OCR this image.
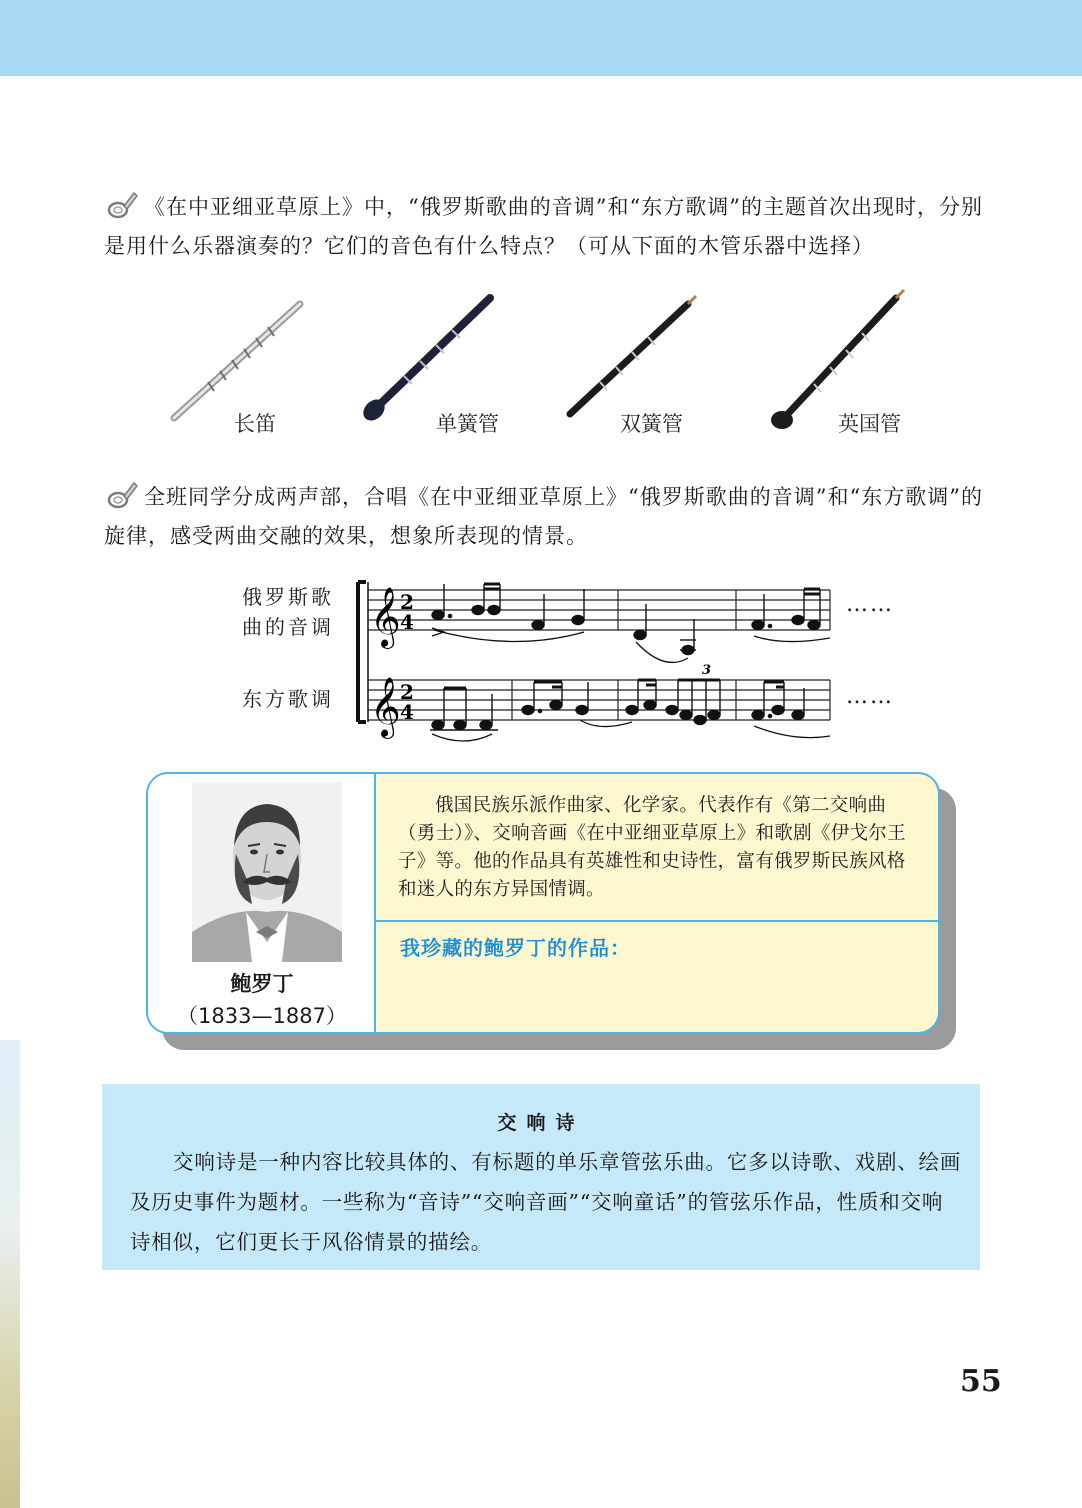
《在中亚细亚草原上》中，“俄罗斯歌曲的音调”和“东方歌调”的主题首次出现时，分别是用什么乐器演奏的？它们的音色有什么特点？（可从下面的木管乐器中选择）
长笛	单簧管	双簧管	英国管
全班同学分成两声部，合唱《在中亚细亚草原上》“俄罗斯歌曲的音调”和“东方歌调”的旋律，感受两曲交融的效果，想象所表现的情景。
俄罗斯歌
曲的音调
东方歌调
𝄞
𝄞
2
4
2
4
3
……
……
鲍罗丁
（1833—1887）
俄国民族乐派作曲家、化学家。代表作有《第二交响曲（勇士）》、交响音画《在中亚细亚草原上》和歌剧《伊戈尔王子》等。他的作品具有英雄性和史诗性，富有俄罗斯民族风格和迷人的东方异国情调。
我珍藏的鲍罗丁的作品：
交响诗
交响诗是一种内容比较具体的、有标题的单乐章管弦乐曲。它多以诗歌、戏剧、绘画及历史事件为题材。一些称为“音诗”“交响音画”“交响童话”的管弦乐作品，性质和交响诗相似，它们更长于风俗情景的描绘。
55
